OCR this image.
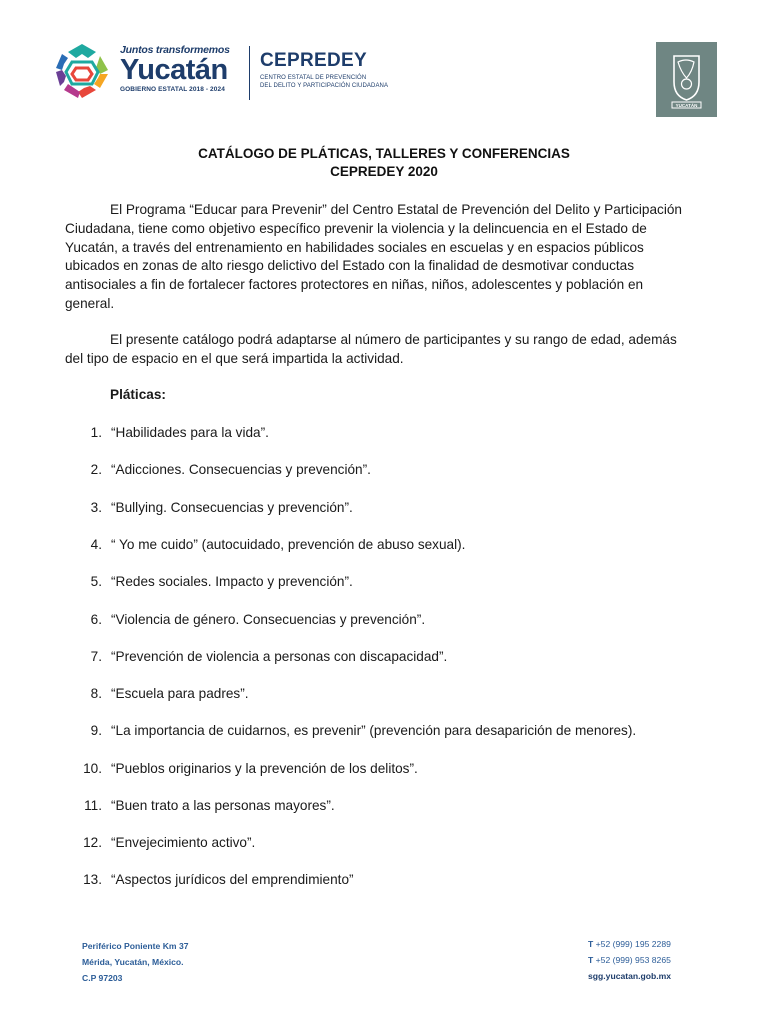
Juntos transformemos
Yucatán
GOBIERNO ESTATAL 2018 - 2024
CEPREDEY
CENTRO ESTATAL DE PREVENCIÓN
DEL DELITO Y PARTICIPACIÓN CIUDADANA
YUCATÁN
CATÁLOGO DE PLÁTICAS, TALLERES Y CONFERENCIAS
CEPREDEY 2020
El Programa “Educar para Prevenir” del Centro Estatal de Prevención del Delito y Participación Ciudadana, tiene como objetivo específico prevenir la violencia y la delincuencia en el Estado de Yucatán, a través del entrenamiento en habilidades sociales en escuelas y en espacios públicos ubicados en zonas de alto riesgo delictivo del Estado con la finalidad de desmotivar conductas antisociales a fin de fortalecer factores protectores en niñas, niños, adolescentes y población en general.
El presente catálogo podrá adaptarse al número de participantes y su rango de edad, además del tipo de espacio en el que será impartida la actividad.
Pláticas:
1. “Habilidades para la vida”.
2. “Adicciones. Consecuencias y prevención”.
3. “Bullying. Consecuencias y prevención”.
4. “ Yo me cuido” (autocuidado, prevención de abuso sexual).
5. “Redes sociales. Impacto y prevención”.
6. “Violencia de género. Consecuencias y prevención”.
7. “Prevención de violencia a personas con discapacidad”.
8. “Escuela para padres”.
9. “La importancia de cuidarnos, es prevenir” (prevención para desaparición de menores).
10. “Pueblos originarios y la prevención de los delitos”.
11. “Buen trato a las personas mayores”.
12. “Envejecimiento activo”.
13. “Aspectos jurídicos del emprendimiento”
Periférico Poniente Km 37
Mérida, Yucatán, México.
C.P 97203
T +52 (999) 195 2289
T +52 (999) 953 8265
sgg.yucatan.gob.mx
